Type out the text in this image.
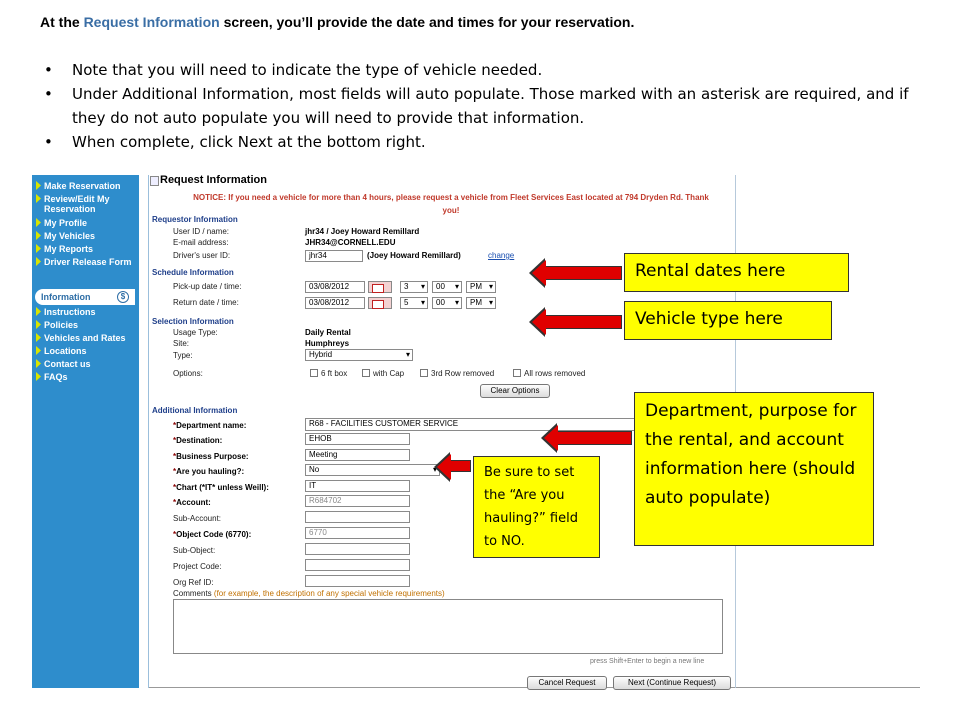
At the Request Information screen, you’ll provide the date and times for your reservation.
• Note that you will need to indicate the type of vehicle needed.
• Under Additional Information, most fields will auto populate. Those marked with an asterisk are required, and if they do not auto populate you will need to provide that information.
• When complete, click Next at the bottom right.
Make Reservation
Review/Edit My Reservation
My Profile
My Vehicles
My Reports
Driver Release Form
Information	$
Instructions
Policies
Vehicles and Rates
Locations
Contact us
FAQs
Request Information
NOTICE: If you need a vehicle for more than 4 hours, please request a vehicle from Fleet Services East located at 794 Dryden Rd. Thank you!
Requestor Information
User ID / name:	jhr34 / Joey Howard Remillard
E-mail address:	JHR34@CORNELL.EDU
Driver's user ID:	jhr34	(Joey Howard Remillard)	change
Schedule Information
Pick-up date / time:	03/08/2012	3 ▾	00 ▾	PM ▾
Return date / time:	03/08/2012	5 ▾	00 ▾	PM ▾
Selection Information
Usage Type:	Daily Rental
Site:	Humphreys
Type:	Hybrid ▾
Options:	6 ft box	with Cap	3rd Row removed	All rows removed
Clear Options
Additional Information
*Department name:	R68 - FACILITIES CUSTOMER SERVICE
*Destination:	EHOB
*Business Purpose:	Meeting
*Are you hauling?:	No ▾
*Chart (*IT* unless Weill):	IT
*Account:	R684702
Sub-Account:
*Object Code (6770):	6770
Sub-Object:
Project Code:
Org Ref ID:
Comments (for example, the description of any special vehicle requirements)
press Shift+Enter to begin a new line
Cancel Request	Next (Continue Request)
Rental dates here
Vehicle type here
Department, purpose for the rental, and account information here (should auto populate)
Be sure to set the “Are you hauling?” field to NO.
